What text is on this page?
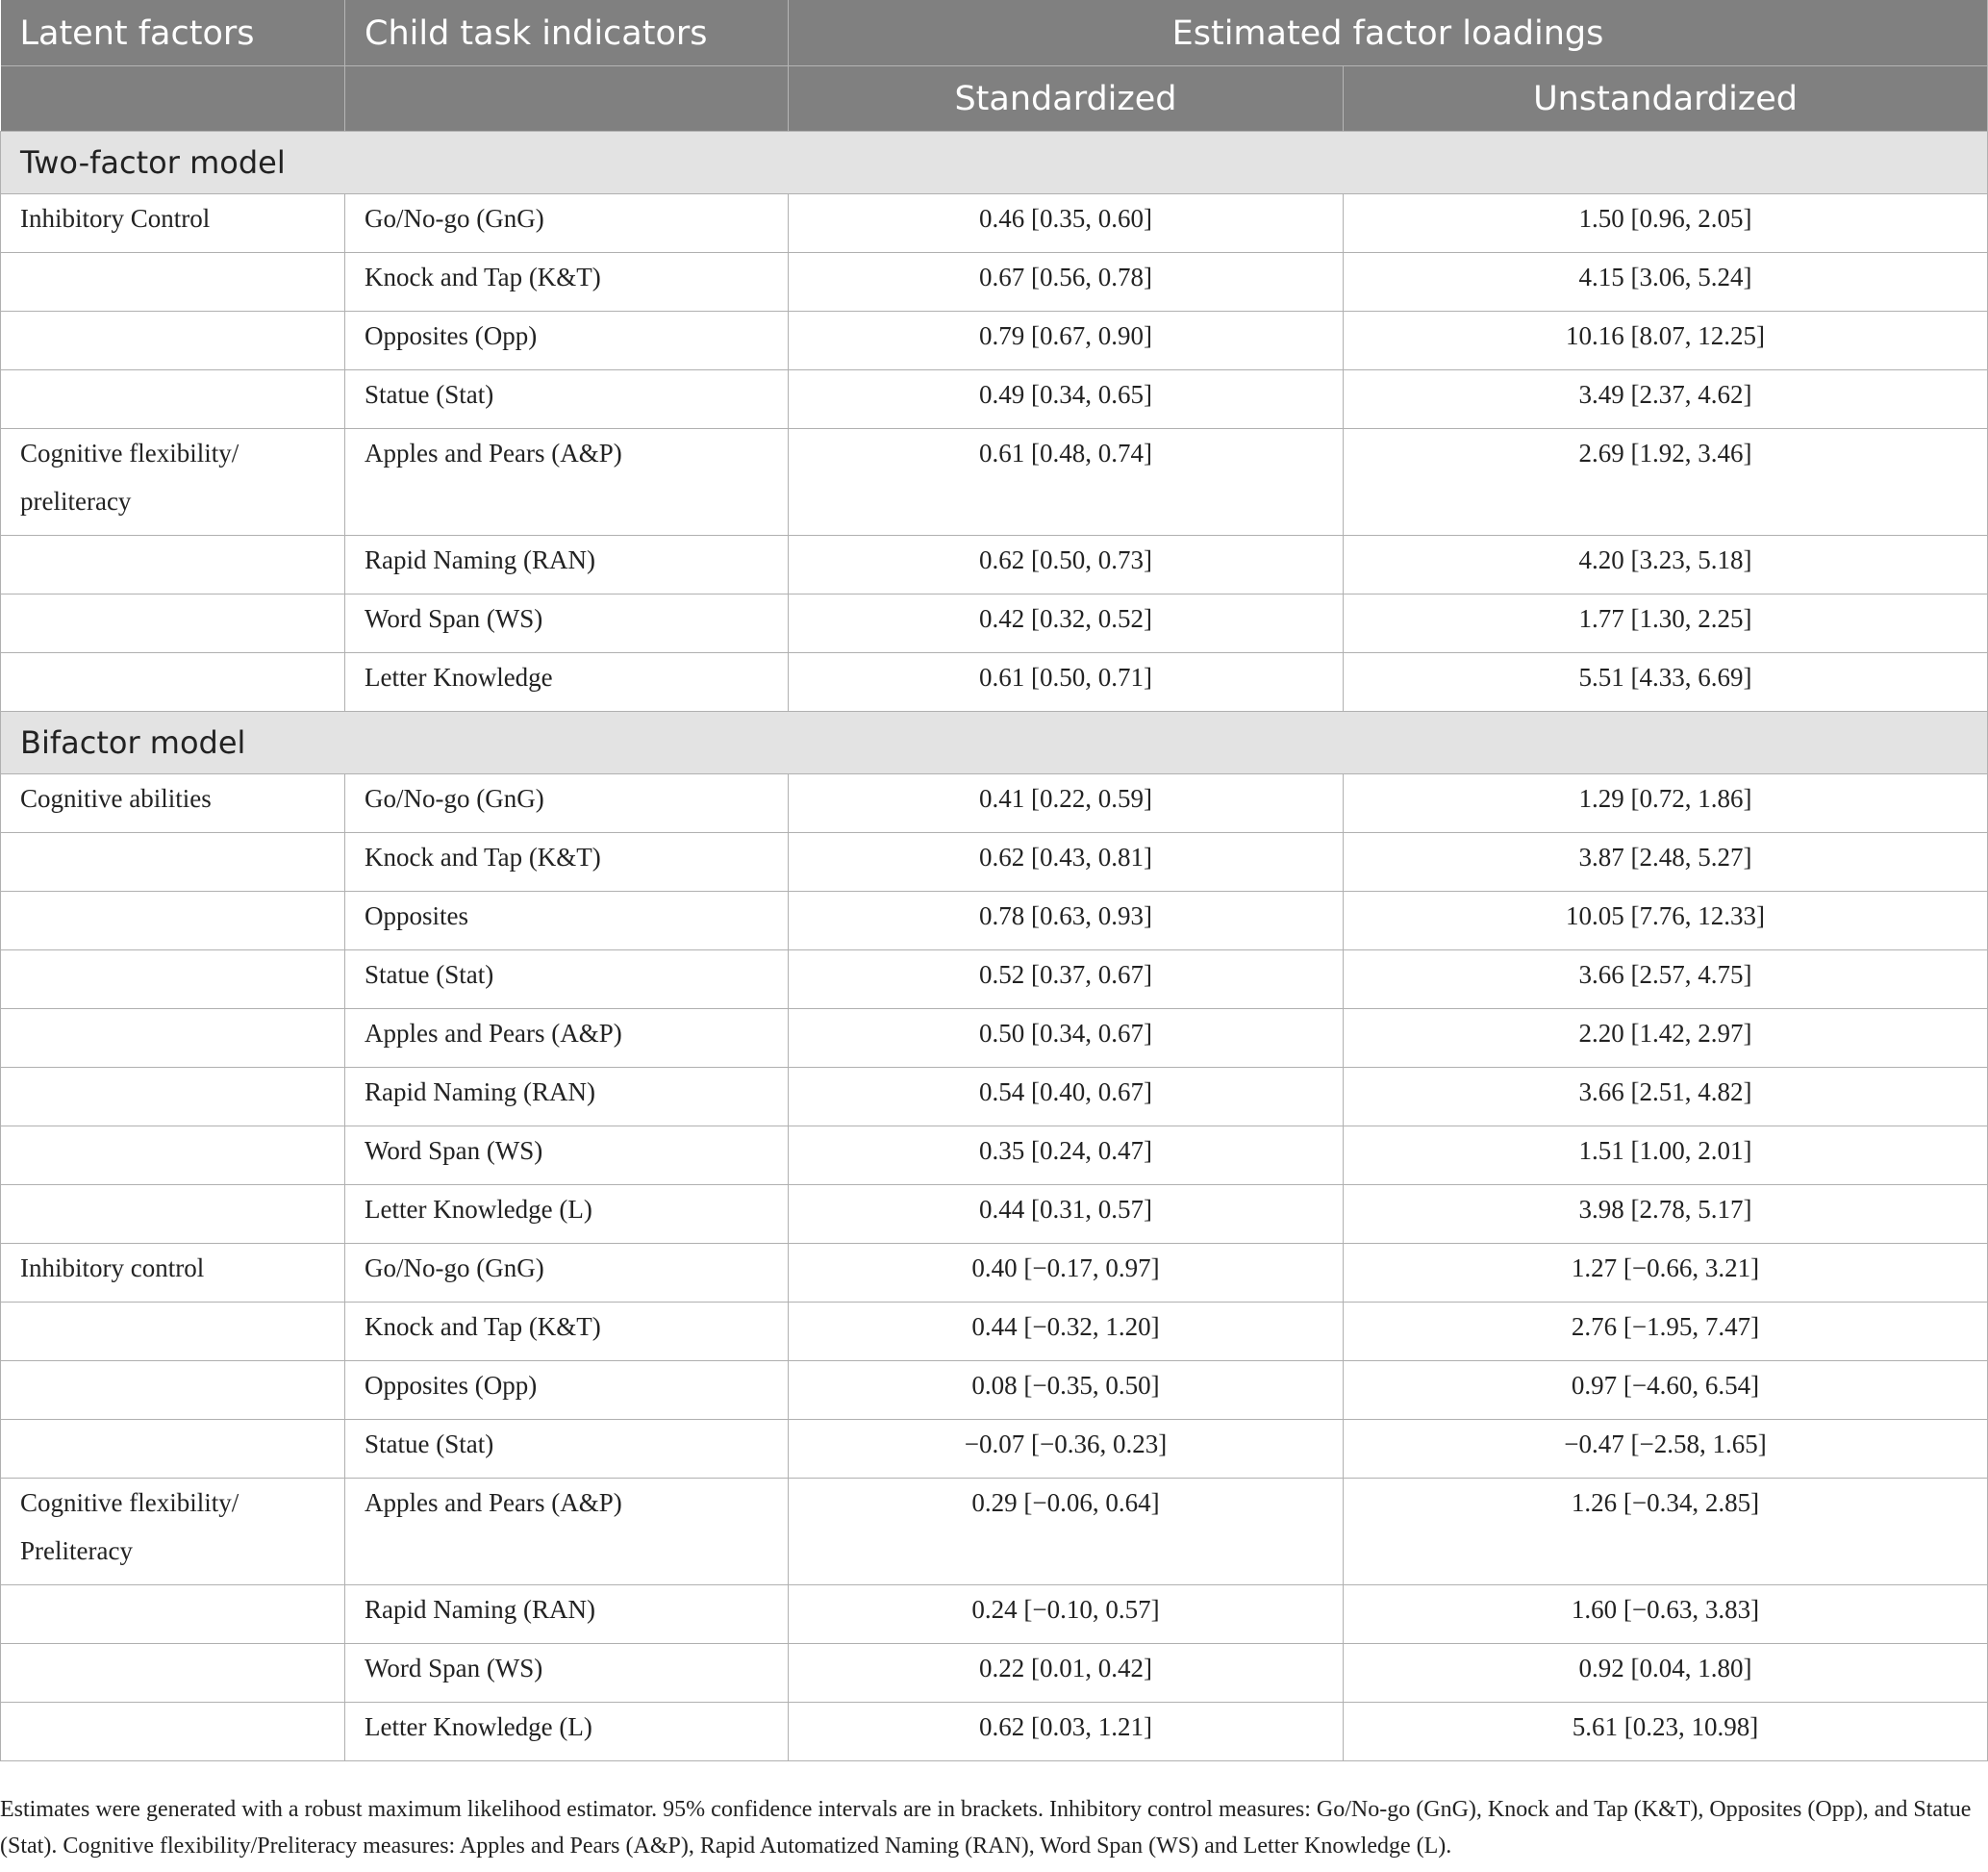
Latent factors	Child task indicators	Estimated factor loadings	
		Standardized	Unstandardized
Two-factor model			
Inhibitory Control	Go/No-go (GnG)	0.46 [0.35, 0.60]	1.50 [0.96, 2.05]
	Knock and Tap (K&T)	0.67 [0.56, 0.78]	4.15 [3.06, 5.24]
	Opposites (Opp)	0.79 [0.67, 0.90]	10.16 [8.07, 12.25]
	Statue (Stat)	0.49 [0.34, 0.65]	3.49 [2.37, 4.62]
Cognitive flexibility/ preliteracy	Apples and Pears (A&P)	0.61 [0.48, 0.74]	2.69 [1.92, 3.46]
	Rapid Naming (RAN)	0.62 [0.50, 0.73]	4.20 [3.23, 5.18]
	Word Span (WS)	0.42 [0.32, 0.52]	1.77 [1.30, 2.25]
	Letter Knowledge	0.61 [0.50, 0.71]	5.51 [4.33, 6.69]
Bifactor model			
Cognitive abilities	Go/No-go (GnG)	0.41 [0.22, 0.59]	1.29 [0.72, 1.86]
	Knock and Tap (K&T)	0.62 [0.43, 0.81]	3.87 [2.48, 5.27]
	Opposites	0.78 [0.63, 0.93]	10.05 [7.76, 12.33]
	Statue (Stat)	0.52 [0.37, 0.67]	3.66 [2.57, 4.75]
	Apples and Pears (A&P)	0.50 [0.34, 0.67]	2.20 [1.42, 2.97]
	Rapid Naming (RAN)	0.54 [0.40, 0.67]	3.66 [2.51, 4.82]
	Word Span (WS)	0.35 [0.24, 0.47]	1.51 [1.00, 2.01]
	Letter Knowledge (L)	0.44 [0.31, 0.57]	3.98 [2.78, 5.17]
Inhibitory control	Go/No-go (GnG)	0.40 [−0.17, 0.97]	1.27 [−0.66, 3.21]
	Knock and Tap (K&T)	0.44 [−0.32, 1.20]	2.76 [−1.95, 7.47]
	Opposites (Opp)	0.08 [−0.35, 0.50]	0.97 [−4.60, 6.54]
	Statue (Stat)	−0.07 [−0.36, 0.23]	−0.47 [−2.58, 1.65]
Cognitive flexibility/ Preliteracy	Apples and Pears (A&P)	0.29 [−0.06, 0.64]	1.26 [−0.34, 2.85]
	Rapid Naming (RAN)	0.24 [−0.10, 0.57]	1.60 [−0.63, 3.83]
	Word Span (WS)	0.22 [0.01, 0.42]	0.92 [0.04, 1.80]
	Letter Knowledge (L)	0.62 [0.03, 1.21]	5.61 [0.23, 10.98]
Estimates were generated with a robust maximum likelihood estimator. 95% confidence intervals are in brackets. Inhibitory control measures: Go/No-go (GnG), Knock and Tap (K&T), Opposites (Opp), and Statue (Stat). Cognitive flexibility/Preliteracy measures: Apples and Pears (A&P), Rapid Automatized Naming (RAN), Word Span (WS) and Letter Knowledge (L).
